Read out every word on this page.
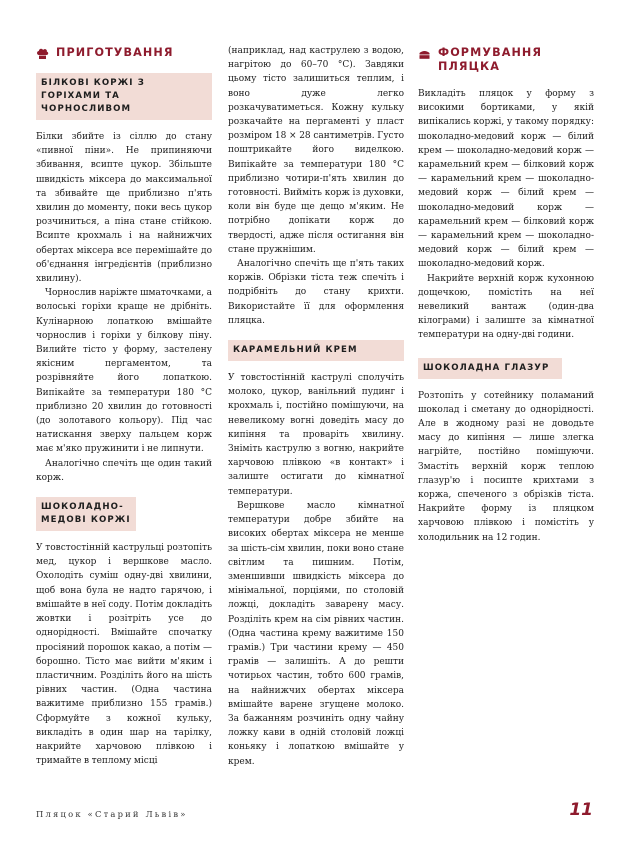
ПРИГОТУВАННЯ
БІЛКОВІ КОРЖІ З ГОРІХАМИ ТА ЧОРНОСЛИВОМ

Білки збийте із сіллю до стану «пивної піни». Не припиняючи збивання, всипте цукор. Збільште швидкість міксера до максимальної та збивайте ще приблизно п'ять хвилин до моменту, поки весь цукор розчиниться, а піна стане стійкою. Всипте крохмаль і на найнижчих обертах міксера все перемішайте до об'єднання інгредієнтів (приблизно хвилину).

Чорнослив наріжте шматочками, а волоські горіхи краще не дрібніть. Кулінарною лопаткою вмішайте чорнослив і горіхи у білкову піну. Вилийте тісто у форму, застелену якісним пергаментом, та розрівняйте його лопаткою. Випікайте за температури 180 °С приблизно 20 хвилин до готовності (до золотавого кольору). Під час натискання зверху пальцем корж має м'яко пружинити і не липнути.

Аналогічно спечіть ще один такий корж.

ШОКОЛАДНО-МЕДОВІ КОРЖІ

У товстостінній каструльці розтопіть мед, цукор і вершкове масло. Охолодіть суміш одну-дві хвилини, щоб вона була не надто гарячою, і вмішайте в неї соду. Потім докладіть жовтки і розітріть усе до однорідності. Вмішайте спочатку просіяний порошок какао, а потім — борошно. Тісто має вийти м'яким і пластичним. Розділіть його на шість рівних частин. (Одна частина важитиме приблизно 155 грамів.) Сформуйте з кожної кульку, викладіть в один шар на тарілку, накрийте харчовою плівкою і тримайте в теплому місці

(наприклад, над каструлею з водою, нагрітою до 60–70 °С). Завдяки цьому тісто залишиться теплим, і воно дуже легко розкачуватиметься. Кожну кульку розкачайте на пергаменті у пласт розміром 18 × 28 сантиметрів. Густо поштрикайте його виделкою. Випікайте за температури 180 °С приблизно чотири-п'ять хвилин до готовності. Вийміть корж із духовки, коли він буде ще дещо м'яким. Не потрібно допікати корж до твердості, адже після остигання він стане пружнішим.

Аналогічно спечіть ще п'ять таких коржів. Обрізки тіста теж спечіть і подрібніть до стану крихти. Використайте її для оформлення пляцка.

КАРАМЕЛЬНИЙ КРЕМ

У товстостінній каструлі сполучіть молоко, цукор, ванільний пудинг і крохмаль і, постійно помішуючи, на невеликому вогні доведіть масу до кипіння та проваріть хвилину. Зніміть каструлю з вогню, накрийте харчовою плівкою «в контакт» і залиште остигати до кімнатної температури.

Вершкове масло кімнатної температури добре збийте на високих обертах міксера не менше за шість-сім хвилин, поки воно стане світлим та пишним. Потім, зменшивши швидкість міксера до мінімальної, порціями, по столовій ложці, докладіть заварену масу. Розділіть крем на сім рівних частин. (Одна частина крему важитиме 150 грамів.) Три частини крему — 450 грамів — залишіть. А до решти чотирьох частин, тобто 600 грамів, на найнижчих обертах міксера вмішайте варене згущене молоко. За бажанням розчиніть одну чайну ложку кави в одній столовій ложці коньяку і лопаткою вмішайте у крем.

ФОРМУВАННЯ
ПЛЯЦКА

Викладіть пляцок у форму з високими бортиками, у якій випікались коржі, у такому порядку: шоколадно-медовий корж — білий крем — шоколадно-медовий корж — карамельний крем — білковий корж — карамельний крем — шоколадно-медовий корж — білий крем — шоколадно-медовий корж — карамельний крем — білковий корж — карамельний крем — шоколадно-медовий корж — білий крем — шоколадно-медовий корж.

Накрийте верхній корж кухонною дощечкою, помістіть на неї невеликий вантаж (один-два кілограми) і залиште за кімнатної температури на одну-дві години.

ШОКОЛАДНА ГЛАЗУР

Розтопіть у сотейнику поламаний шоколад і сметану до однорідності. Але в жодному разі не доводьте масу до кипіння — лише злегка нагрійте, постійно помішуючи. Змастіть верхній корж теплою глазур'ю і посипте крихтами з коржа, спеченого з обрізків тіста. Накрийте форму із пляцком харчовою плівкою і помістіть у холодильник на 12 годин.

Пляцок «Старий Львів»	11
